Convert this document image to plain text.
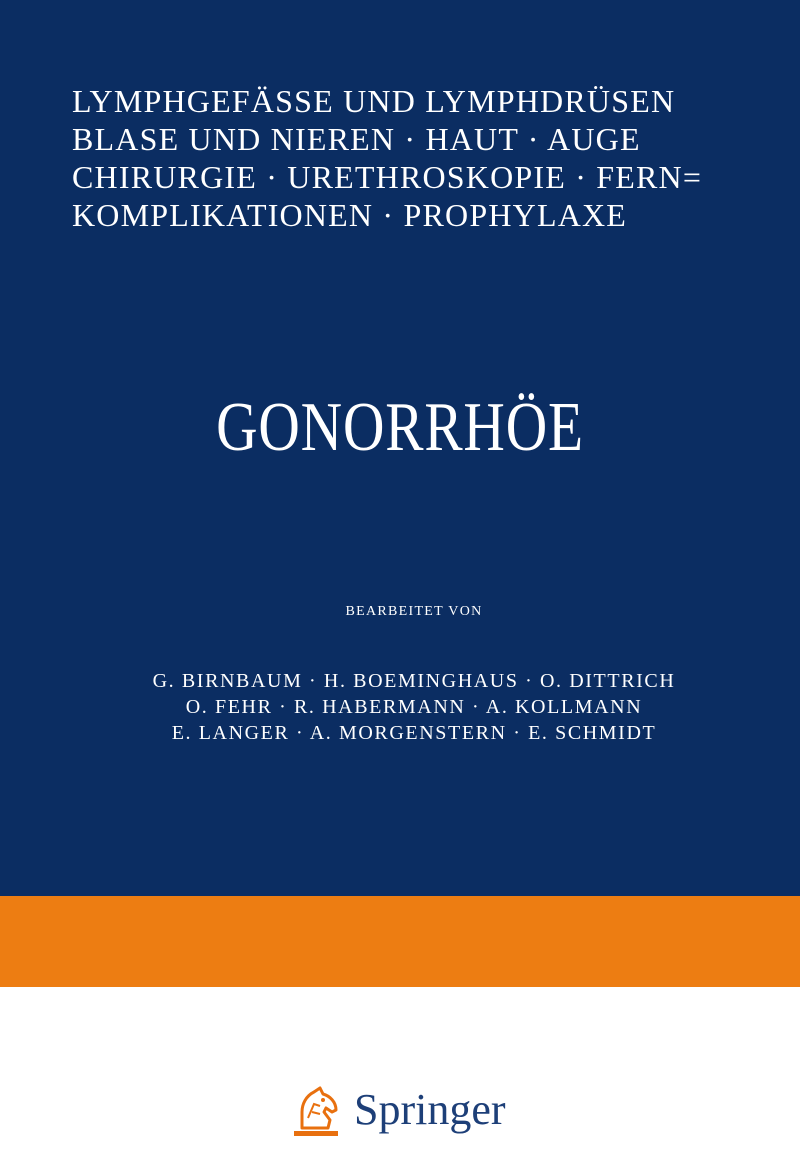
LYMPHGEFÄSSE UND LYMPHDRÜSEN
BLASE UND NIEREN · HAUT · AUGE
CHIRURGIE · URETHROSKOPIE · FERN=
KOMPLIKATIONEN · PROPHYLAXE
GONORRHÖE
BEARBEITET VON
G. BIRNBAUM · H. BOEMINGHAUS · O. DITTRICH
O. FEHR · R. HABERMANN · A. KOLLMANN
E. LANGER · A. MORGENSTERN · E. SCHMIDT
Springer
